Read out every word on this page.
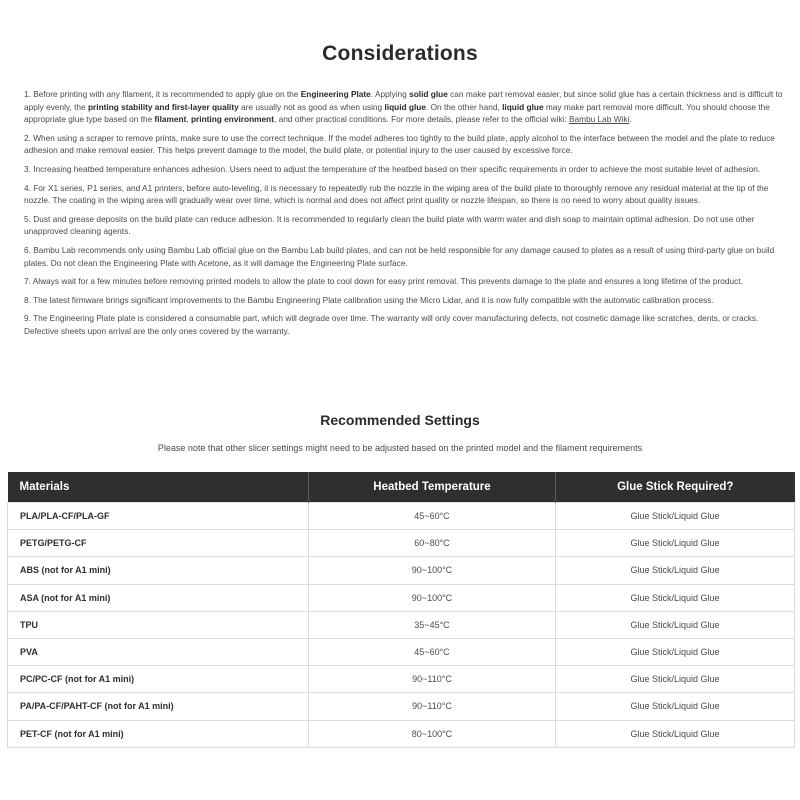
Considerations

1. Before printing with any filament, it is recommended to apply glue on the Engineering Plate. Applying solid glue can make part removal easier, but since solid glue has a certain thickness and is difficult to apply evenly, the printing stability and first-layer quality are usually not as good as when using liquid glue. On the other hand, liquid glue may make part removal more difficult. You should choose the appropriate glue type based on the filament, printing environment, and other practical conditions. For more details, please refer to the official wiki: Bambu Lab Wiki.

2. When using a scraper to remove prints, make sure to use the correct technique. If the model adheres too tightly to the build plate, apply alcohol to the interface between the model and the plate to reduce adhesion and make removal easier. This helps prevent damage to the model, the build plate, or potential injury to the user caused by excessive force.

3. Increasing heatbed temperature enhances adhesion. Users need to adjust the temperature of the heatbed based on their specific requirements in order to achieve the most suitable level of adhesion.

4. For X1 series, P1 series, and A1 printers, before auto-leveling, it is necessary to repeatedly rub the nozzle in the wiping area of the build plate to thoroughly remove any residual material at the tip of the nozzle. The coating in the wiping area will gradually wear over time, which is normal and does not affect print quality or nozzle lifespan, so there is no need to worry about quality issues.

5. Dust and grease deposits on the build plate can reduce adhesion. It is recommended to regularly clean the build plate with warm water and dish soap to maintain optimal adhesion. Do not use other unapproved cleaning agents.

6. Bambu Lab recommends only using Bambu Lab official glue on the Bambu Lab build plates, and can not be held responsible for any damage caused to plates as a result of using third-party glue on build plates. Do not clean the Engineering Plate with Acetone, as it will damage the Engineering Plate surface.

7. Always wait for a few minutes before removing printed models to allow the plate to cool down for easy print removal. This prevents damage to the plate and ensures a long lifetime of the product.

8. The latest firmware brings significant improvements to the Bambu Engineering Plate calibration using the Micro Lidar, and it is now fully compatible with the automatic calibration process.

9. The Engineering Plate plate is considered a consumable part, which will degrade over time. The warranty will only cover manufacturing defects, not cosmetic damage like scratches, dents, or cracks. Defective sheets upon arrival are the only ones covered by the warranty.

Recommended Settings
Please note that other slicer settings might need to be adjusted based on the printed model and the filament requirements
Materials	Heatbed Temperature	Glue Stick Required?
PLA/PLA-CF/PLA-GF	45~60°C	Glue Stick/Liquid Glue
PETG/PETG-CF	60~80°C	Glue Stick/Liquid Glue
ABS (not for A1 mini)	90~100°C	Glue Stick/Liquid Glue
ASA (not for A1 mini)	90~100°C	Glue Stick/Liquid Glue
TPU	35~45°C	Glue Stick/Liquid Glue
PVA	45~60°C	Glue Stick/Liquid Glue
PC/PC-CF (not for A1 mini)	90~110°C	Glue Stick/Liquid Glue
PA/PA-CF/PAHT-CF (not for A1 mini)	90~110°C	Glue Stick/Liquid Glue
PET-CF (not for A1 mini)	80~100°C	Glue Stick/Liquid Glue
